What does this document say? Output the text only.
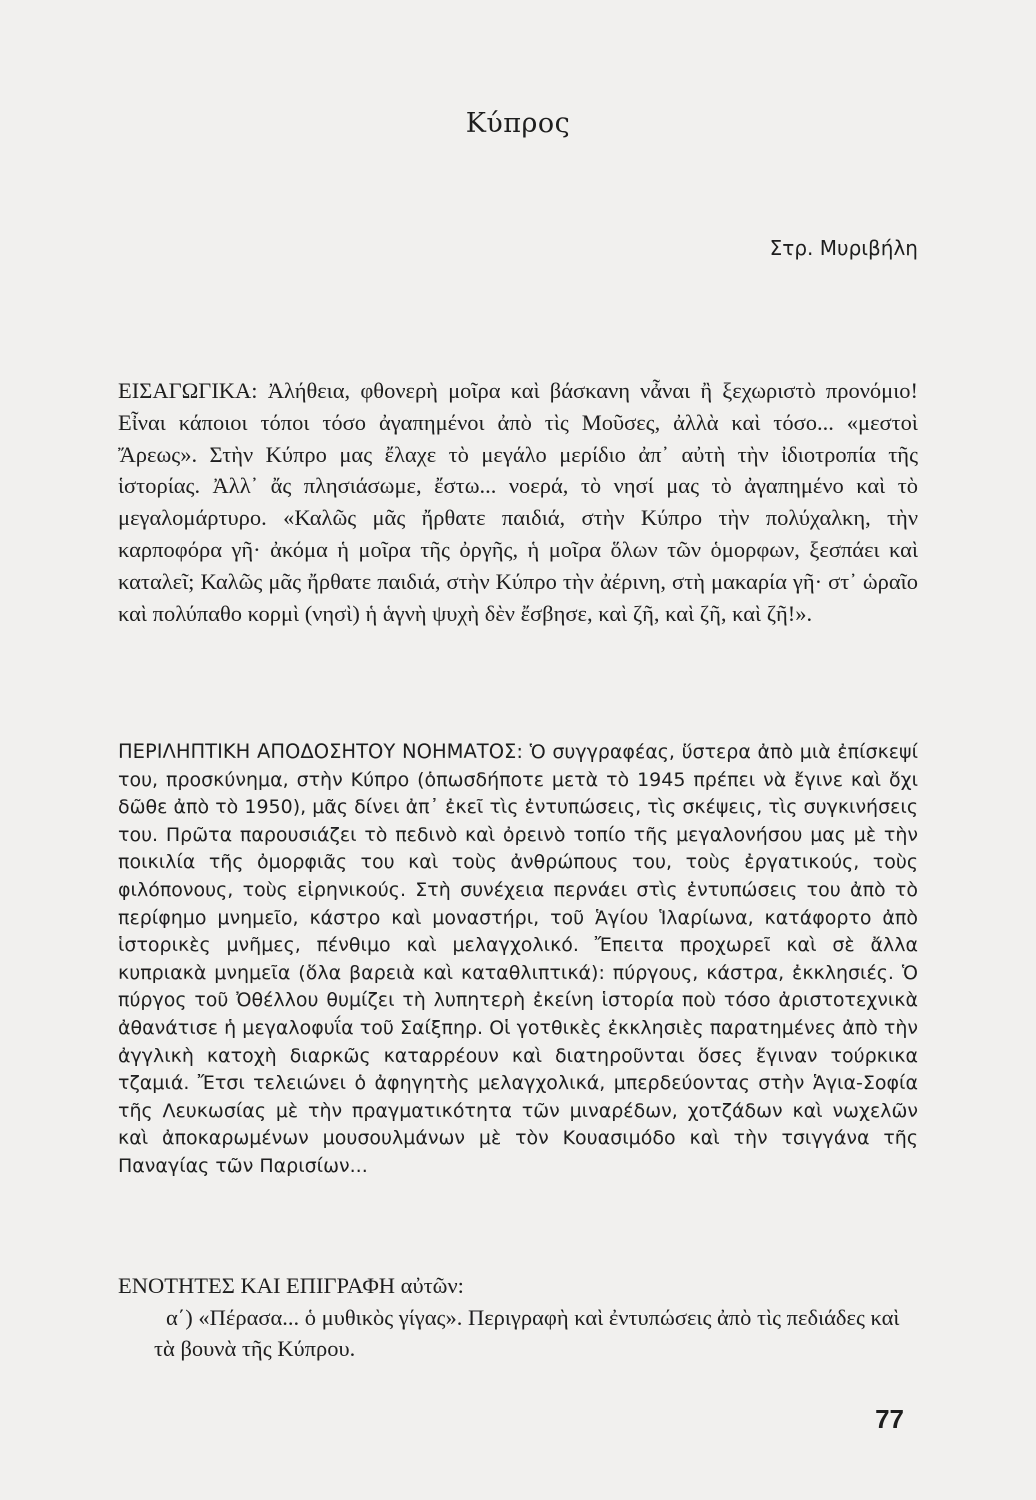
Κύπρος
Στρ. Μυριβήλη

ΕΙΣΑΓΩΓΙΚΑ: Ἀλήθεια, φθονερὴ μοῖρα καὶ βάσκανη νἆναι ἢ ξεχωριστὸ προνόμιο! Εἶναι κάποιοι τόποι τόσο ἀγαπημένοι ἀπὸ τὶς Μοῦσες, ἀλλὰ καὶ τόσο... «μεστοὶ Ἄρεως». Στὴν Κύπρο μας ἔλαχε τὸ μεγάλο μερίδιο ἀπ᾿ αὐτὴ τὴν ἰδιοτροπία τῆς ἱστορίας. Ἀλλ᾿ ἄς πλησιάσωμε, ἔστω... νοερά, τὸ νησί μας τὸ ἀγαπημένο καὶ τὸ μεγαλομάρτυρο. «Καλῶς μᾶς ἤρθατε παιδιά, στὴν Κύπρο τὴν πολύχαλκη, τὴν καρποφόρα γῆ· ἀκόμα ἡ μοῖρα τῆς ὀργῆς, ἡ μοῖρα ὅλων τῶν ὁμορφων, ξεσπάει καὶ καταλεῖ; Καλῶς μᾶς ἤρθατε παιδιά, στὴν Κύπρο τὴν ἀέρινη, στὴ μακαρία γῆ· στ᾿ ὡραῖο καὶ πολύπαθο κορμὶ (νησὶ) ἡ ἁγνὴ ψυχὴ δὲν ἔσβησε, καὶ ζῆ, καὶ ζῆ, καὶ ζῆ!».

ΠΕΡΙΛΗΠΤΙΚΗ ΑΠΟΔΟΣΗΤΟΥ ΝΟΗΜΑΤΟΣ: Ὁ συγγραφέας, ὕστερα ἀπὸ μιὰ ἐπίσκεψί του, προσκύνημα, στὴν Κύπρο (ὁπωσδήποτε μετὰ τὸ 1945 πρέπει νὰ ἔγινε καὶ ὄχι δῶθε ἀπὸ τὸ 1950), μᾶς δίνει ἀπ᾿ ἐκεῖ τὶς ἐντυπώσεις, τὶς σκέψεις, τὶς συγκινήσεις του. Πρῶτα παρουσιάζει τὸ πεδινὸ καὶ ὀρεινὸ τοπίο τῆς μεγαλονήσου μας μὲ τὴν ποικιλία τῆς ὀμορφιᾶς του καὶ τοὺς ἀνθρώπους του, τοὺς ἐργατικούς, τοὺς φιλόπονους, τοὺς εἰρηνικούς. Στὴ συνέχεια περνάει στὶς ἐντυπώσεις του ἀπὸ τὸ περίφημο μνημεῖο, κάστρο καὶ μοναστήρι, τοῦ Ἁγίου Ἱλαρίωνα, κατάφορτο ἀπὸ ἱστορικὲς μνῆμες, πένθιμο καὶ μελαγχολικό. Ἔπειτα προχωρεῖ καὶ σὲ ἄλλα κυπριακὰ μνημεῖα (ὅλα βαρειὰ καὶ καταθλιπτικά): πύργους, κάστρα, ἐκκλησιές. Ὁ πύργος τοῦ Ὀθέλλου θυμίζει τὴ λυπητερὴ ἐκείνη ἱστορία ποὺ τόσο ἀριστοτεχνικὰ ἀθανάτισε ἡ μεγαλοφυΐα τοῦ Σαίξπηρ. Οἱ γοτθικὲς ἐκκλησιὲς παρατημένες ἀπὸ τὴν ἀγγλικὴ κατοχὴ διαρκῶς καταρρέουν καὶ διατηροῦνται ὅσες ἔγιναν τούρκικα τζαμιά. Ἔτσι τελειώνει ὁ ἀφηγητὴς μελαγχολικά, μπερδεύοντας στὴν Ἁγια-Σοφία τῆς Λευκωσίας μὲ τὴν πραγματικότητα τῶν μιναρέδων, χοτζάδων καὶ νωχελῶν καὶ ἀποκαρωμένων μουσουλμάνων μὲ τὸν Κουασιμόδο καὶ τὴν τσιγγάνα τῆς Παναγίας τῶν Παρισίων...

ΕΝΟΤΗΤΕΣ ΚΑΙ ΕΠΙΓΡΑΦΗ αὐτῶν:
α΄) «Πέρασα... ὁ μυθικὸς γίγας». Περιγραφὴ καὶ ἐντυπώσεις ἀπὸ τὶς πεδιάδες καὶ τὰ βουνὰ τῆς Κύπρου.
77
